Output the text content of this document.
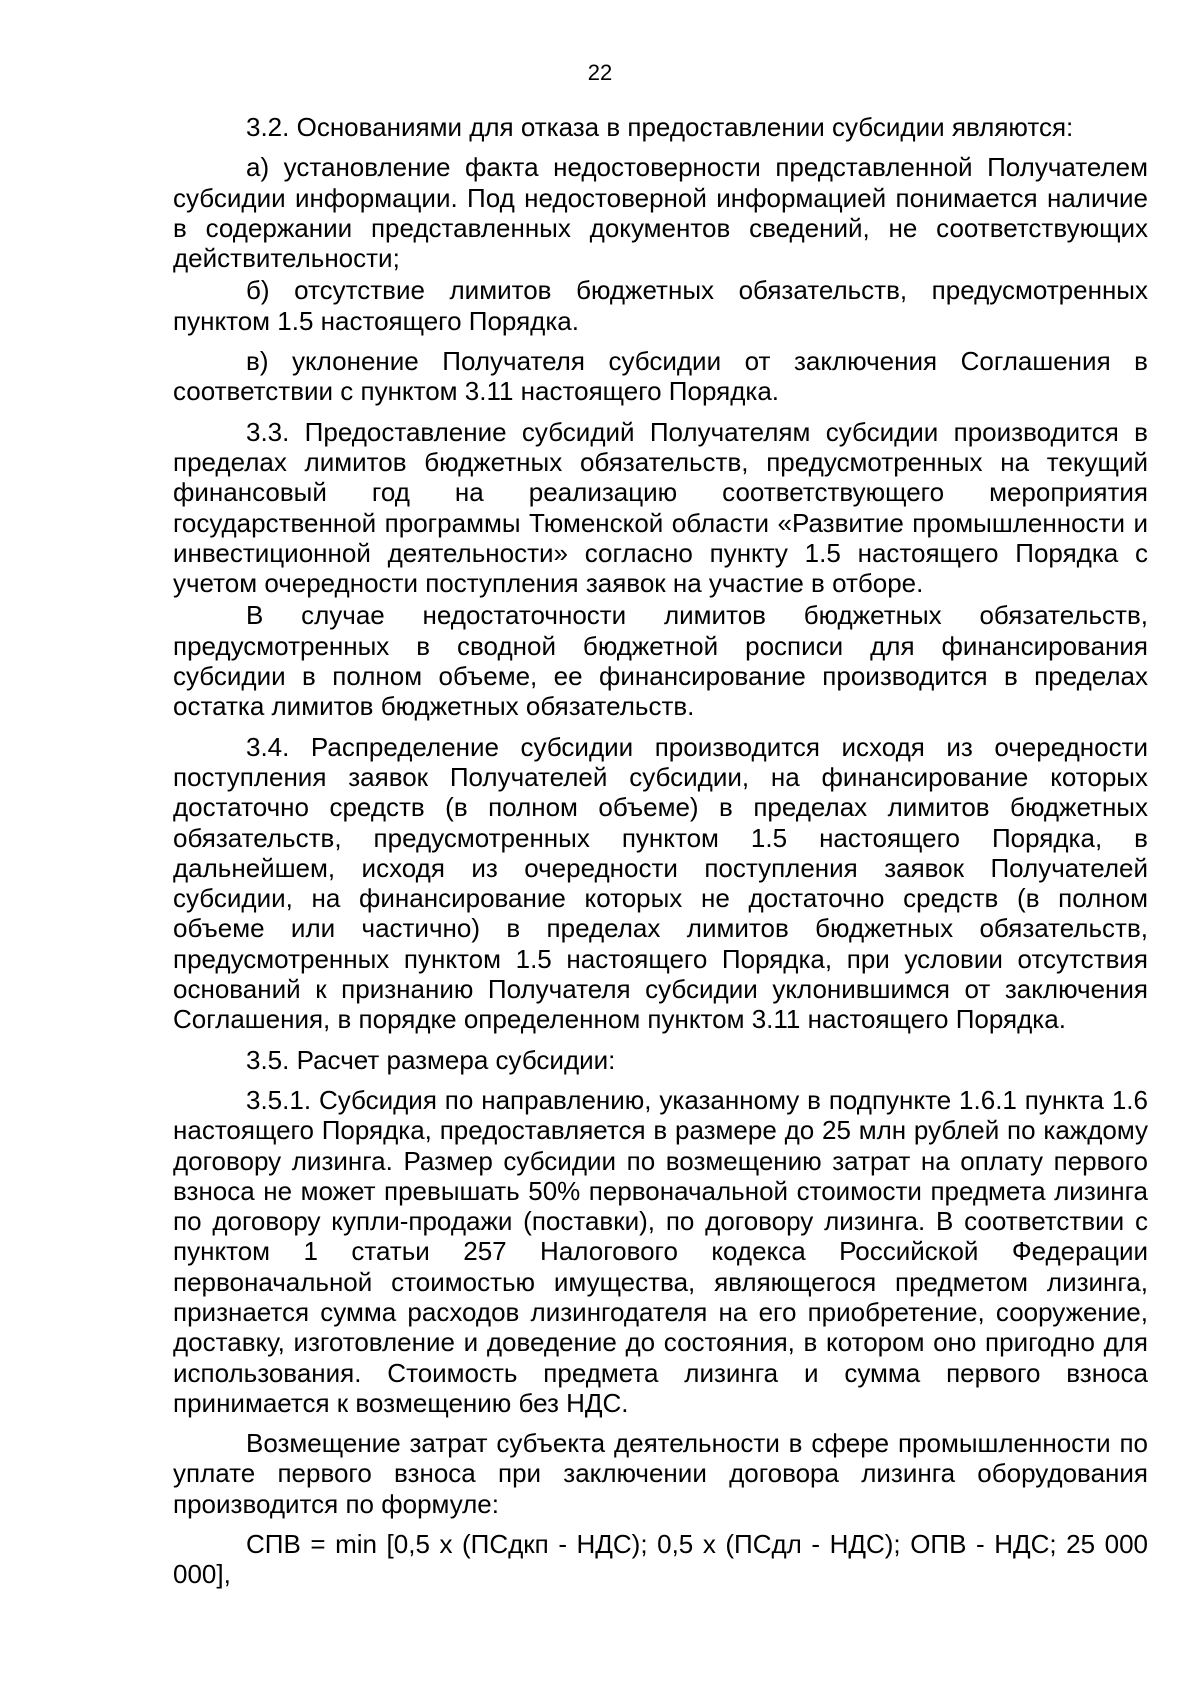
22

3.2. Основаниями для отказа в предоставлении субсидии являются:

а) установление факта недостоверности представленной Получателем субсидии информации. Под недостоверной информацией понимается наличие в содержании представленных документов сведений, не соответствующих действительности;

б) отсутствие лимитов бюджетных обязательств, предусмотренных пунктом 1.5 настоящего Порядка.

в) уклонение Получателя субсидии от заключения Соглашения в соответствии с пунктом 3.11 настоящего Порядка.

3.3. Предоставление субсидий Получателям субсидии производится в пределах лимитов бюджетных обязательств, предусмотренных на текущий финансовый год на реализацию соответствующего мероприятия государственной программы Тюменской области «Развитие промышленности и инвестиционной деятельности» согласно пункту 1.5 настоящего Порядка с учетом очередности поступления заявок на участие в отборе.

В случае недостаточности лимитов бюджетных обязательств, предусмотренных в сводной бюджетной росписи для финансирования субсидии в полном объеме, ее финансирование производится в пределах остатка лимитов бюджетных обязательств.

3.4. Распределение субсидии производится исходя из очередности поступления заявок Получателей субсидии, на финансирование которых достаточно средств (в полном объеме) в пределах лимитов бюджетных обязательств, предусмотренных пунктом 1.5 настоящего Порядка, в дальнейшем, исходя из очередности поступления заявок Получателей субсидии, на финансирование которых не достаточно средств (в полном объеме или частично) в пределах лимитов бюджетных обязательств, предусмотренных пунктом 1.5 настоящего Порядка, при условии отсутствия оснований к признанию Получателя субсидии уклонившимся от заключения Соглашения, в порядке определенном пунктом 3.11 настоящего Порядка.

3.5. Расчет размера субсидии:

3.5.1. Субсидия по направлению, указанному в подпункте 1.6.1 пункта 1.6 настоящего Порядка, предоставляется в размере до 25 млн рублей по каждому договору лизинга. Размер субсидии по возмещению затрат на оплату первого взноса не может превышать 50% первоначальной стоимости предмета лизинга по договору купли-продажи (поставки), по договору лизинга. В соответствии с пунктом 1 статьи 257 Налогового кодекса Российской Федерации первоначальной стоимостью имущества, являющегося предметом лизинга, признается сумма расходов лизингодателя на его приобретение, сооружение, доставку, изготовление и доведение до состояния, в котором оно пригодно для использования. Стоимость предмета лизинга и сумма первого взноса принимается к возмещению без НДС.

Возмещение затрат субъекта деятельности в сфере промышленности по уплате первого взноса при заключении договора лизинга оборудования производится по формуле:

СПВ = min [0,5 x (ПСдкп - НДС); 0,5 x (ПСдл - НДС); ОПВ - НДС; 25 000 000],
